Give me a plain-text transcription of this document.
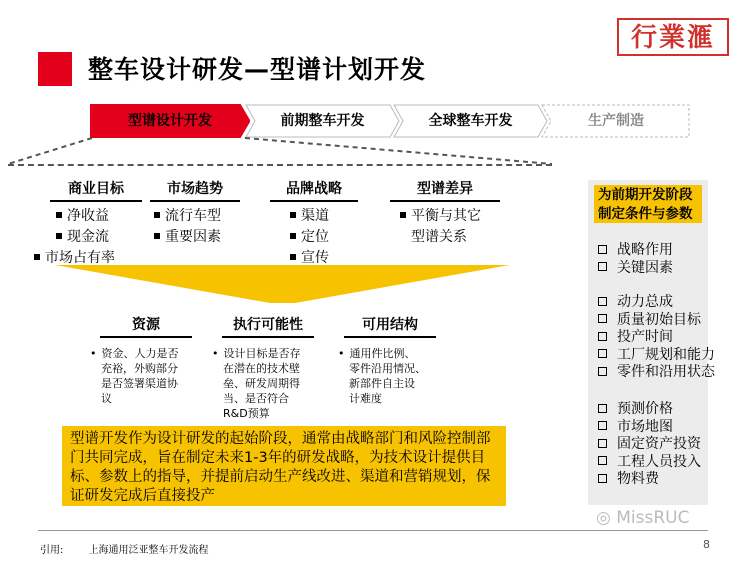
整车设计研发—型谱计划开发
行業滙
型谱设计开发	前期整车开发	全球整车开发	生产制造
商业目标
净收益
现金流
市场占有率
市场趋势
流行车型
重要因素
品牌战略
渠道
定位
宣传
型谱差异
平衡与其它
型谱关系
资源
• 资金、人力是否
充裕，外购部分
是否签署渠道协
议
执行可能性
• 设计目标是否存
在潜在的技术壁
垒、研发周期得
当、是否符合
R&D预算
可用结构
• 通用件比例、
零件沿用情况、
新部件自主设
计难度
型谱开发作为设计研发的起始阶段，通常由战略部门和风险控制部
门共同完成，旨在制定未来1-3年的研发战略，为技术设计提供目
标、参数上的指导，并提前启动生产线改进、渠道和营销规划，保
证研发完成后直接投产
为前期开发阶段
制定条件与参数
战略作用
关键因素
动力总成
质量初始目标
投产时间
工厂规划和能力
零件和沿用状态
预测价格
市场地图
固定资产投资
工程人员投入
物料费
◎ MissRUC
引用:	上海通用泛亚整车开发流程	8
